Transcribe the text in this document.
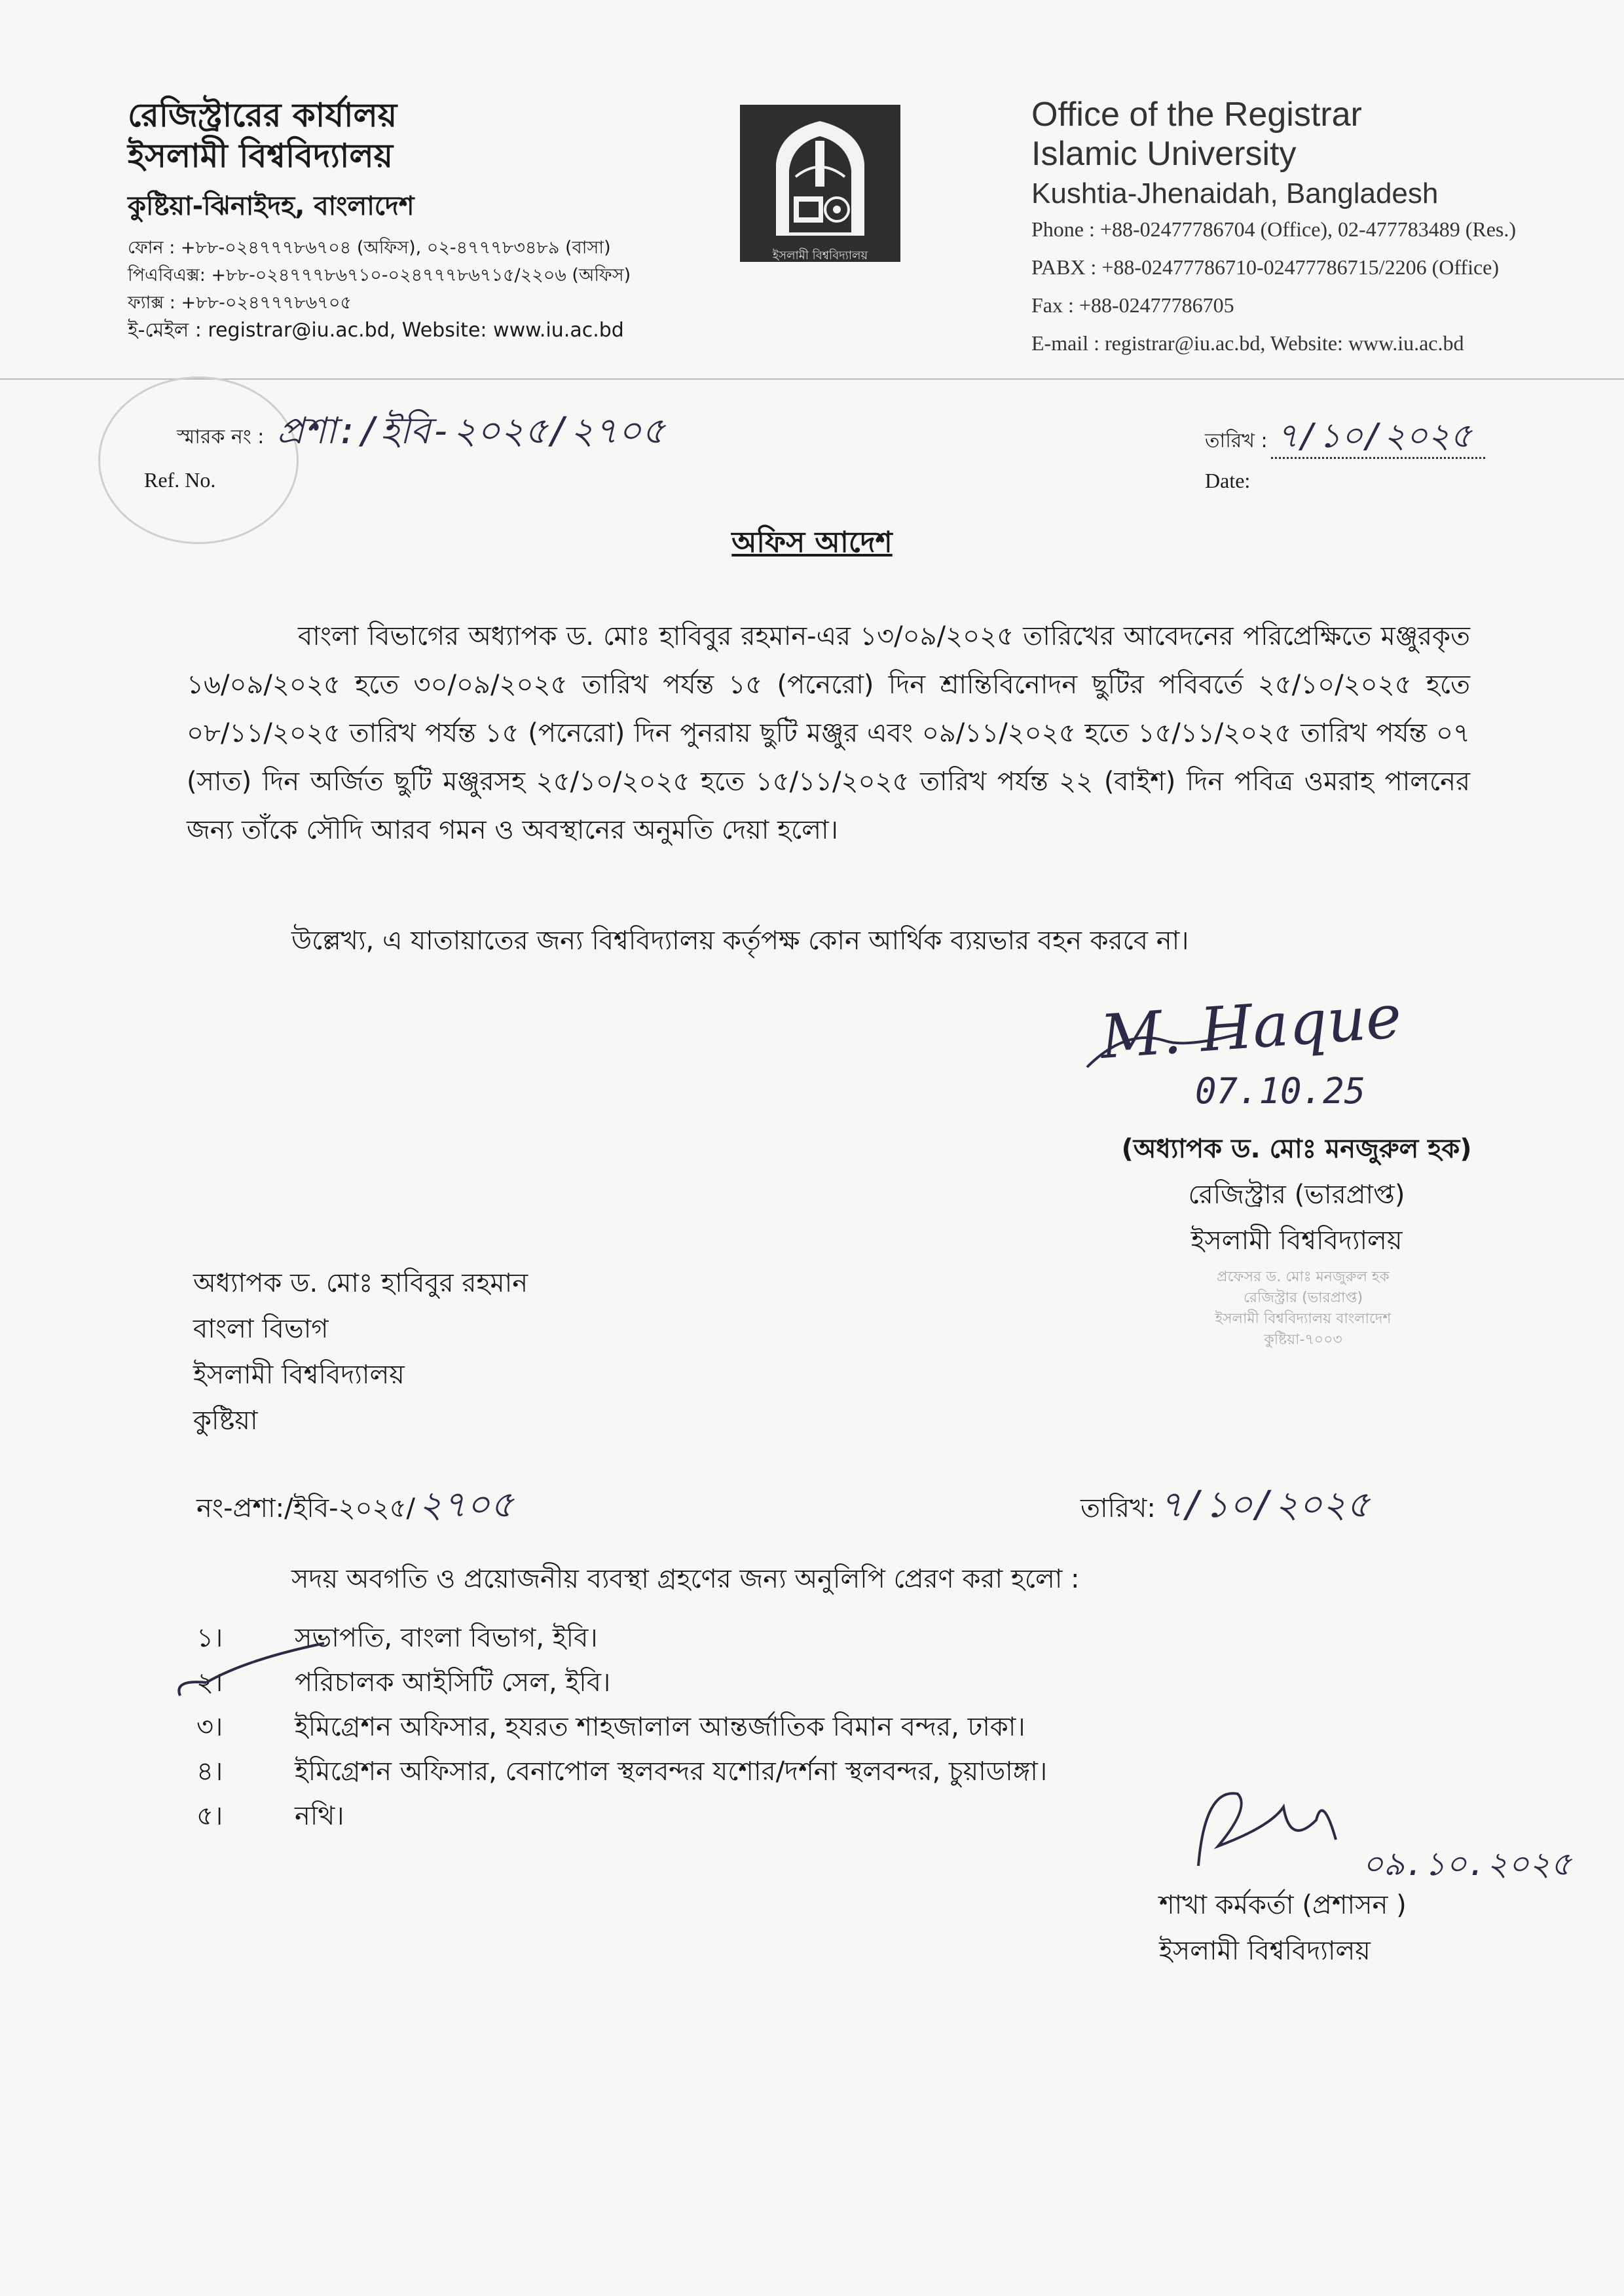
রেজিস্ট্রারের কার্যালয়
ইসলামী বিশ্ববিদ্যালয়
কুষ্টিয়া-ঝিনাইদহ, বাংলাদেশ
ফোন : +৮৮-০২৪৭৭৭৮৬৭০৪ (অফিস), ০২-৪৭৭৭৮৩৪৮৯ (বাসা)
পিএবিএক্স: +৮৮-০২৪৭৭৭৮৬৭১০-০২৪৭৭৭৮৬৭১৫/২২০৬ (অফিস)
ফ্যাক্স : +৮৮-০২৪৭৭৭৮৬৭০৫
ই-মেইল : registrar@iu.ac.bd, Website: www.iu.ac.bd
ইসলামী বিশ্ববিদ্যালয়
Office of the Registrar
Islamic University
Kushtia-Jhenaidah, Bangladesh
Phone : +88-02477786704 (Office), 02-477783489 (Res.)
PABX : +88-02477786710-02477786715/2206 (Office)
Fax : +88-02477786705
E-mail : registrar@iu.ac.bd, Website: www.iu.ac.bd
স্মারক নং : প্রশা:/ইবি-২০২৫/২৭০৫
Ref. No.
তারিখ : ৭/১০/২০২৫
Date:
অফিস আদেশ
বাংলা বিভাগের অধ্যাপক ড. মোঃ হাবিবুর রহমান-এর ১৩/০৯/২০২৫ তারিখের আবেদনের পরিপ্রেক্ষিতে মঞ্জুরকৃত ১৬/০৯/২০২৫ হতে ৩০/০৯/২০২৫ তারিখ পর্যন্ত ১৫ (পনেরো) দিন শ্রান্তিবিনোদন ছুটির পবিবর্তে ২৫/১০/২০২৫ হতে ০৮/১১/২০২৫ তারিখ পর্যন্ত ১৫ (পনেরো) দিন পুনরায় ছুটি মঞ্জুর এবং ০৯/১১/২০২৫ হতে ১৫/১১/২০২৫ তারিখ পর্যন্ত ০৭ (সাত) দিন অর্জিত ছুটি মঞ্জুরসহ ২৫/১০/২০২৫ হতে ১৫/১১/২০২৫ তারিখ পর্যন্ত ২২ (বাইশ) দিন পবিত্র ওমরাহ পালনের জন্য তাঁকে সৌদি আরব গমন ও অবস্থানের অনুমতি দেয়া হলো।
উল্লেখ্য, এ যাতায়াতের জন্য বিশ্ববিদ্যালয় কর্তৃপক্ষ কোন আর্থিক ব্যয়ভার বহন করবে না।
M. Haque
07.10.25
(অধ্যাপক ড. মোঃ মনজুরুল হক)
রেজিস্ট্রার (ভারপ্রাপ্ত)
ইসলামী বিশ্ববিদ্যালয়
প্রফেসর ড. মোঃ মনজুরুল হক
রেজিস্ট্রার (ভারপ্রাপ্ত)
ইসলামী বিশ্ববিদ্যালয় বাংলাদেশ
কুষ্টিয়া-৭০০৩
অধ্যাপক ড. মোঃ হাবিবুর রহমান
বাংলা বিভাগ
ইসলামী বিশ্ববিদ্যালয়
কুষ্টিয়া
নং-প্রশা:/ইবি-২০২৫/ ২৭০৫	তারিখ: ৭/১০/২০২৫
সদয় অবগতি ও প্রয়োজনীয় ব্যবস্থা গ্রহণের জন্য অনুলিপি প্রেরণ করা হলো :
১।	সভাপতি, বাংলা বিভাগ, ইবি।
২।	পরিচালক আইসিটি সেল, ইবি।
৩।	ইমিগ্রেশন অফিসার, হযরত শাহজালাল আন্তর্জাতিক বিমান বন্দর, ঢাকা।
৪।	ইমিগ্রেশন অফিসার, বেনাপোল স্থলবন্দর যশোর/দর্শনা স্থলবন্দর, চুয়াডাঙ্গা।
৫।	নথি।
০৯.১০.২০২৫
শাখা কর্মকর্তা (প্রশাসন )
ইসলামী বিশ্ববিদ্যালয়
